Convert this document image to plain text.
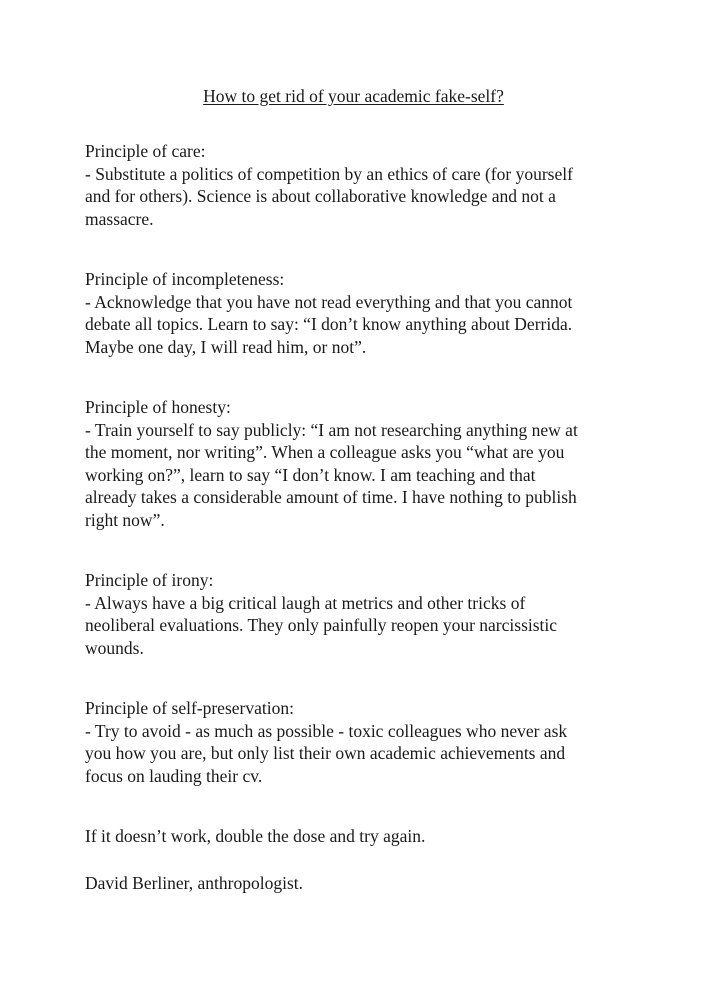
How to get rid of your academic fake-self?

Principle of care:

- Substitute a politics of competition by an ethics of care (for yourself
and for others). Science is about collaborative knowledge and not a
massacre.

Principle of incompleteness:

- Acknowledge that you have not read everything and that you cannot
debate all topics. Learn to say: “I don’t know anything about Derrida.
Maybe one day, I will read him, or not”.

Principle of honesty:

- Train yourself to say publicly: “I am not researching anything new at
the moment, nor writing”. When a colleague asks you “what are you
working on?”, learn to say “I don’t know. I am teaching and that
already takes a considerable amount of time. I have nothing to publish
right now”.

Principle of irony:

- Always have a big critical laugh at metrics and other tricks of
neoliberal evaluations. They only painfully reopen your narcissistic
wounds.

Principle of self-preservation:

- Try to avoid - as much as possible - toxic colleagues who never ask
you how you are, but only list their own academic achievements and
focus on lauding their cv.

If it doesn’t work, double the dose and try again.

David Berliner, anthropologist.
